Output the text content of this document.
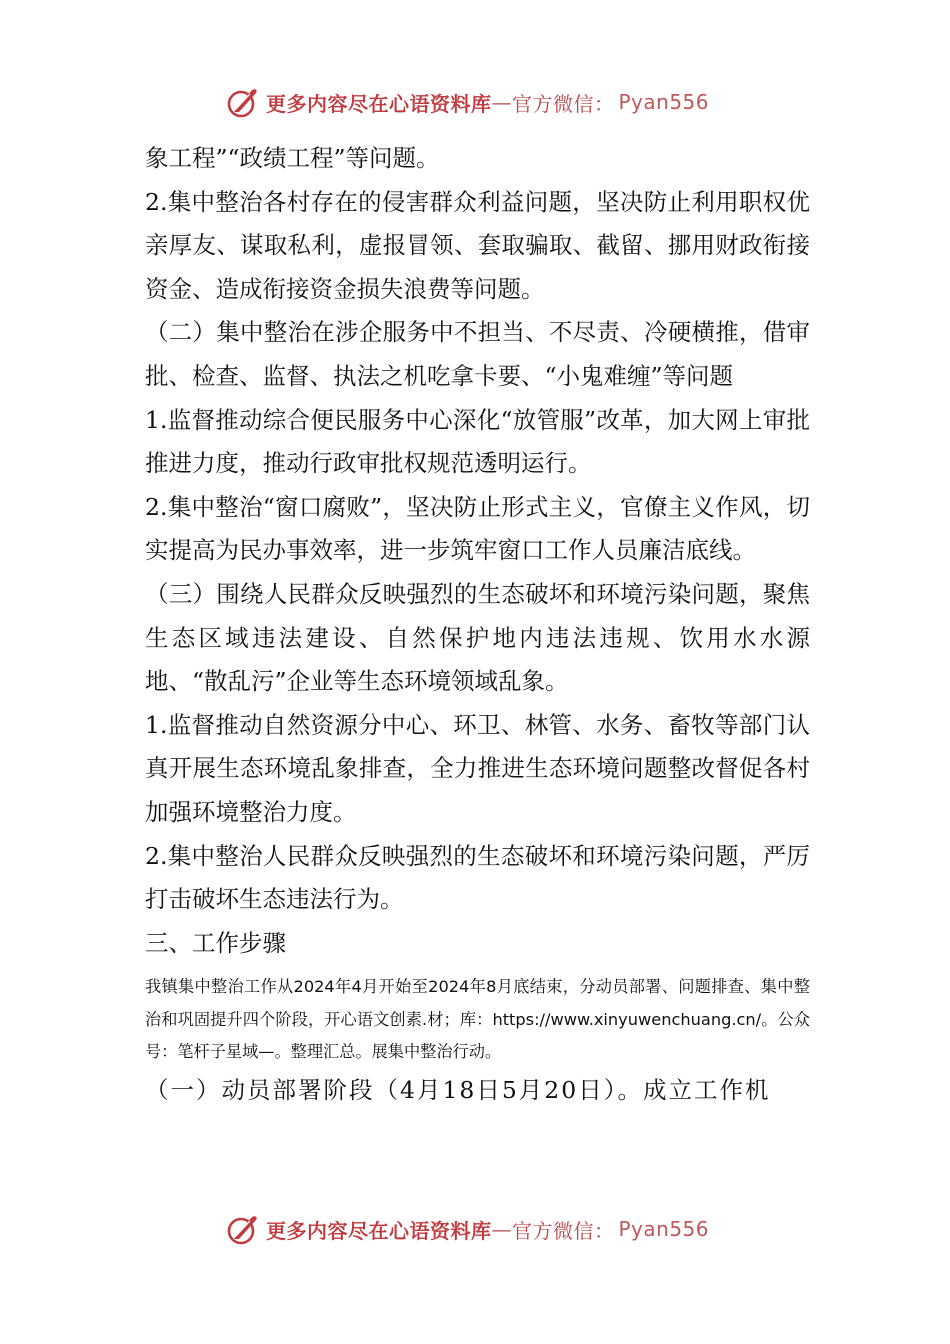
更多内容尽在心语资料库 — 官方微信： Pyan556

象工程”“政绩工程”等问题。

2.集中整治各村存在的侵害群众利益问题，坚决防止利用职权优亲厚友、谋取私利，虚报冒领、套取骗取、截留、挪用财政衔接资金、造成衔接资金损失浪费等问题。

（二）集中整治在涉企服务中不担当、不尽责、冷硬横推，借审批、检查、监督、执法之机吃拿卡要、“小鬼难缠”等问题

1.监督推动综合便民服务中心深化“放管服”改革，加大网上审批推进力度，推动行政审批权规范透明运行。

2.集中整治“窗口腐败”，坚决防止形式主义，官僚主义作风，切实提高为民办事效率，进一步筑牢窗口工作人员廉洁底线。

（三）围绕人民群众反映强烈的生态破坏和环境污染问题，聚焦生态区域违法建设、自然保护地内违法违规、饮用水水源地、“散乱污”企业等生态环境领域乱象。

1.监督推动自然资源分中心、环卫、林管、水务、畜牧等部门认真开展生态环境乱象排查，全力推进生态环境问题整改督促各村加强环境整治力度。

2.集中整治人民群众反映强烈的生态破坏和环境污染问题，严厉打击破坏生态违法行为。

三、工作步骤

我镇集中整治工作从2024年4月开始至2024年8月底结束，分动员部署、问题排查、集中整治和巩固提升四个阶段，开心语文创素.材；库：https://www.xinyuwenchuang.cn/。公众号：笔杆子星域—。整理汇总。展集中整治行动。

（一）动员部署阶段（4月18日5月20日）。成立工作机

更多内容尽在心语资料库 — 官方微信： Pyan556
